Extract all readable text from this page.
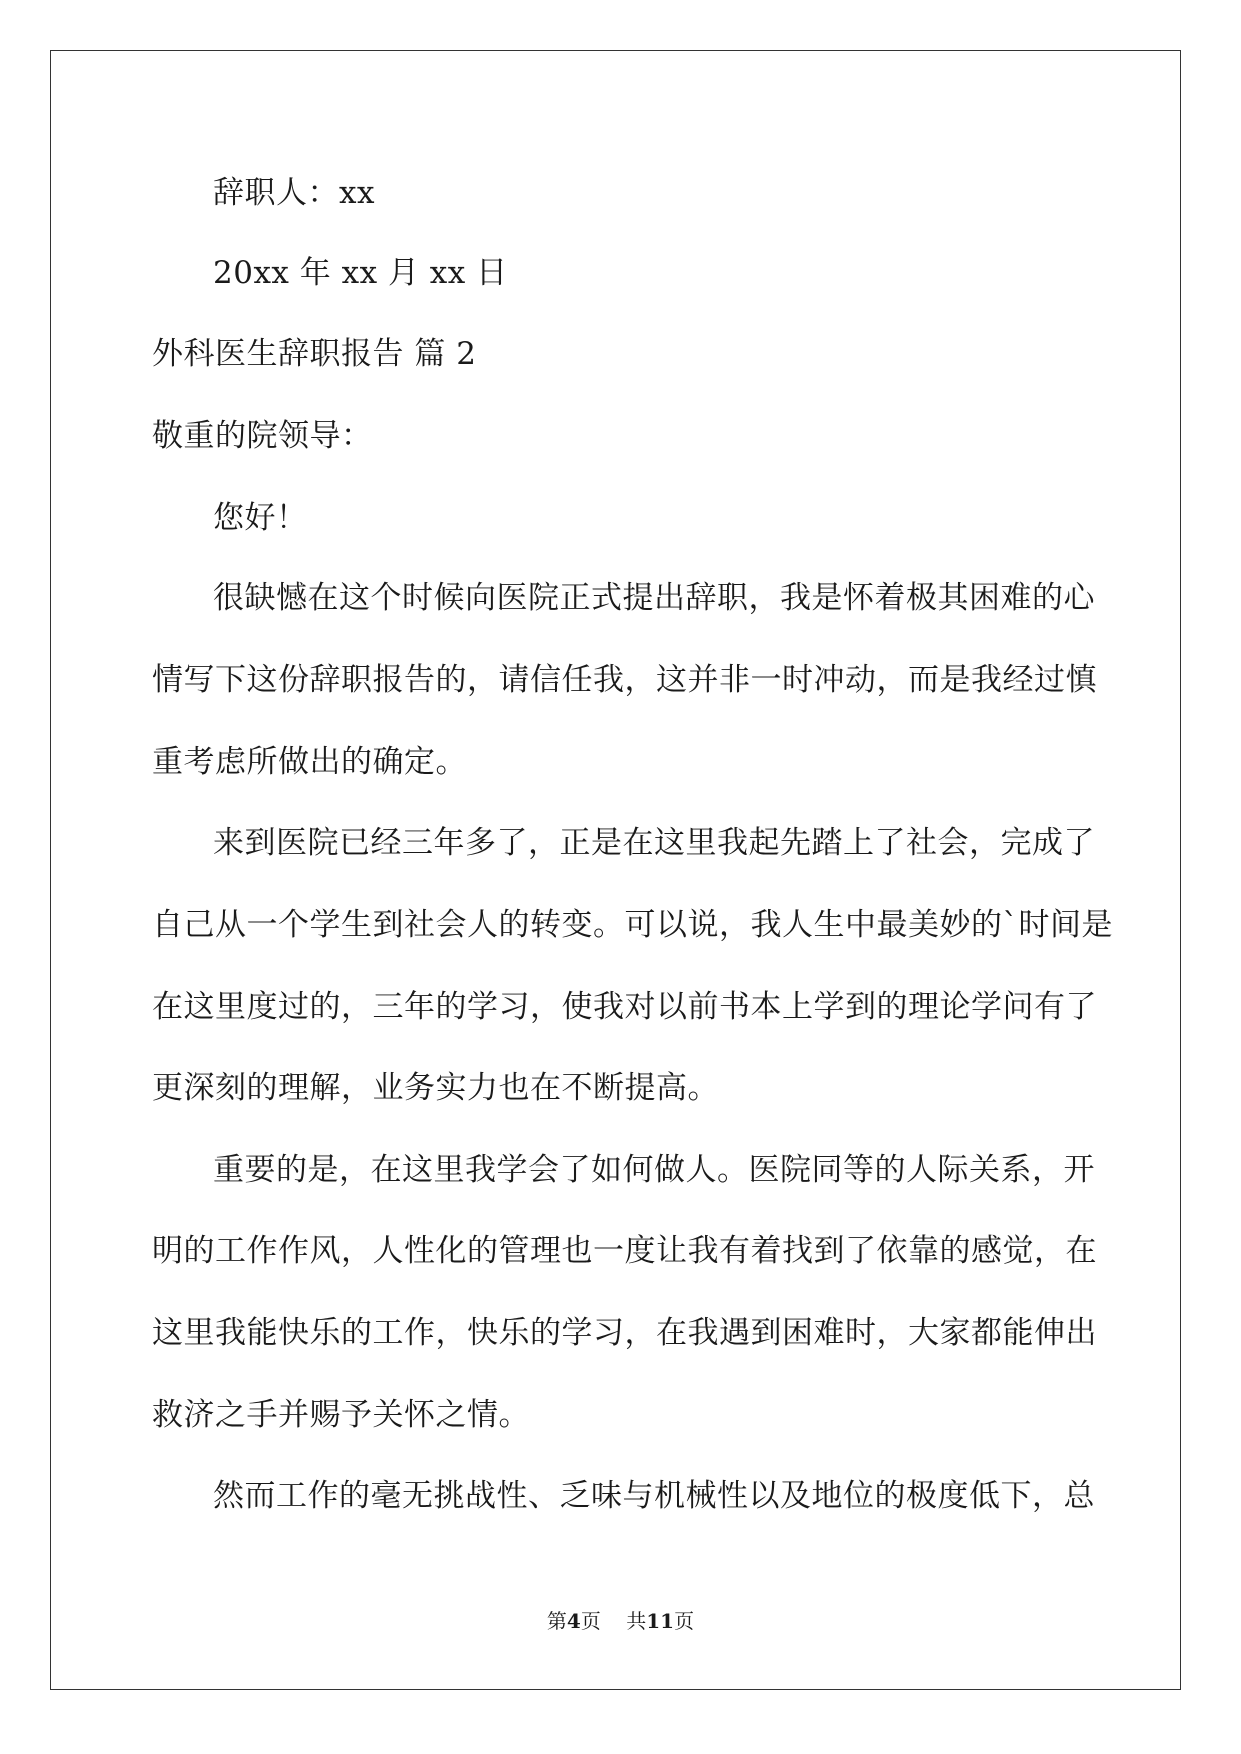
辞职人：xx
20xx 年 xx 月 xx 日
外科医生辞职报告 篇 2
敬重的院领导：
您好！
很缺憾在这个时候向医院正式提出辞职，我是怀着极其困难的心
情写下这份辞职报告的，请信任我，这并非一时冲动，而是我经过慎
重考虑所做出的确定。
来到医院已经三年多了，正是在这里我起先踏上了社会，完成了
自己从一个学生到社会人的转变。可以说，我人生中最美妙的`时间是
在这里度过的，三年的学习，使我对以前书本上学到的理论学问有了
更深刻的理解，业务实力也在不断提高。
重要的是，在这里我学会了如何做人。医院同等的人际关系，开
明的工作作风，人性化的管理也一度让我有着找到了依靠的感觉，在
这里我能快乐的工作，快乐的学习，在我遇到困难时，大家都能伸出
救济之手并赐予关怀之情。
然而工作的毫无挑战性、乏味与机械性以及地位的极度低下，总
第4页 共11页
